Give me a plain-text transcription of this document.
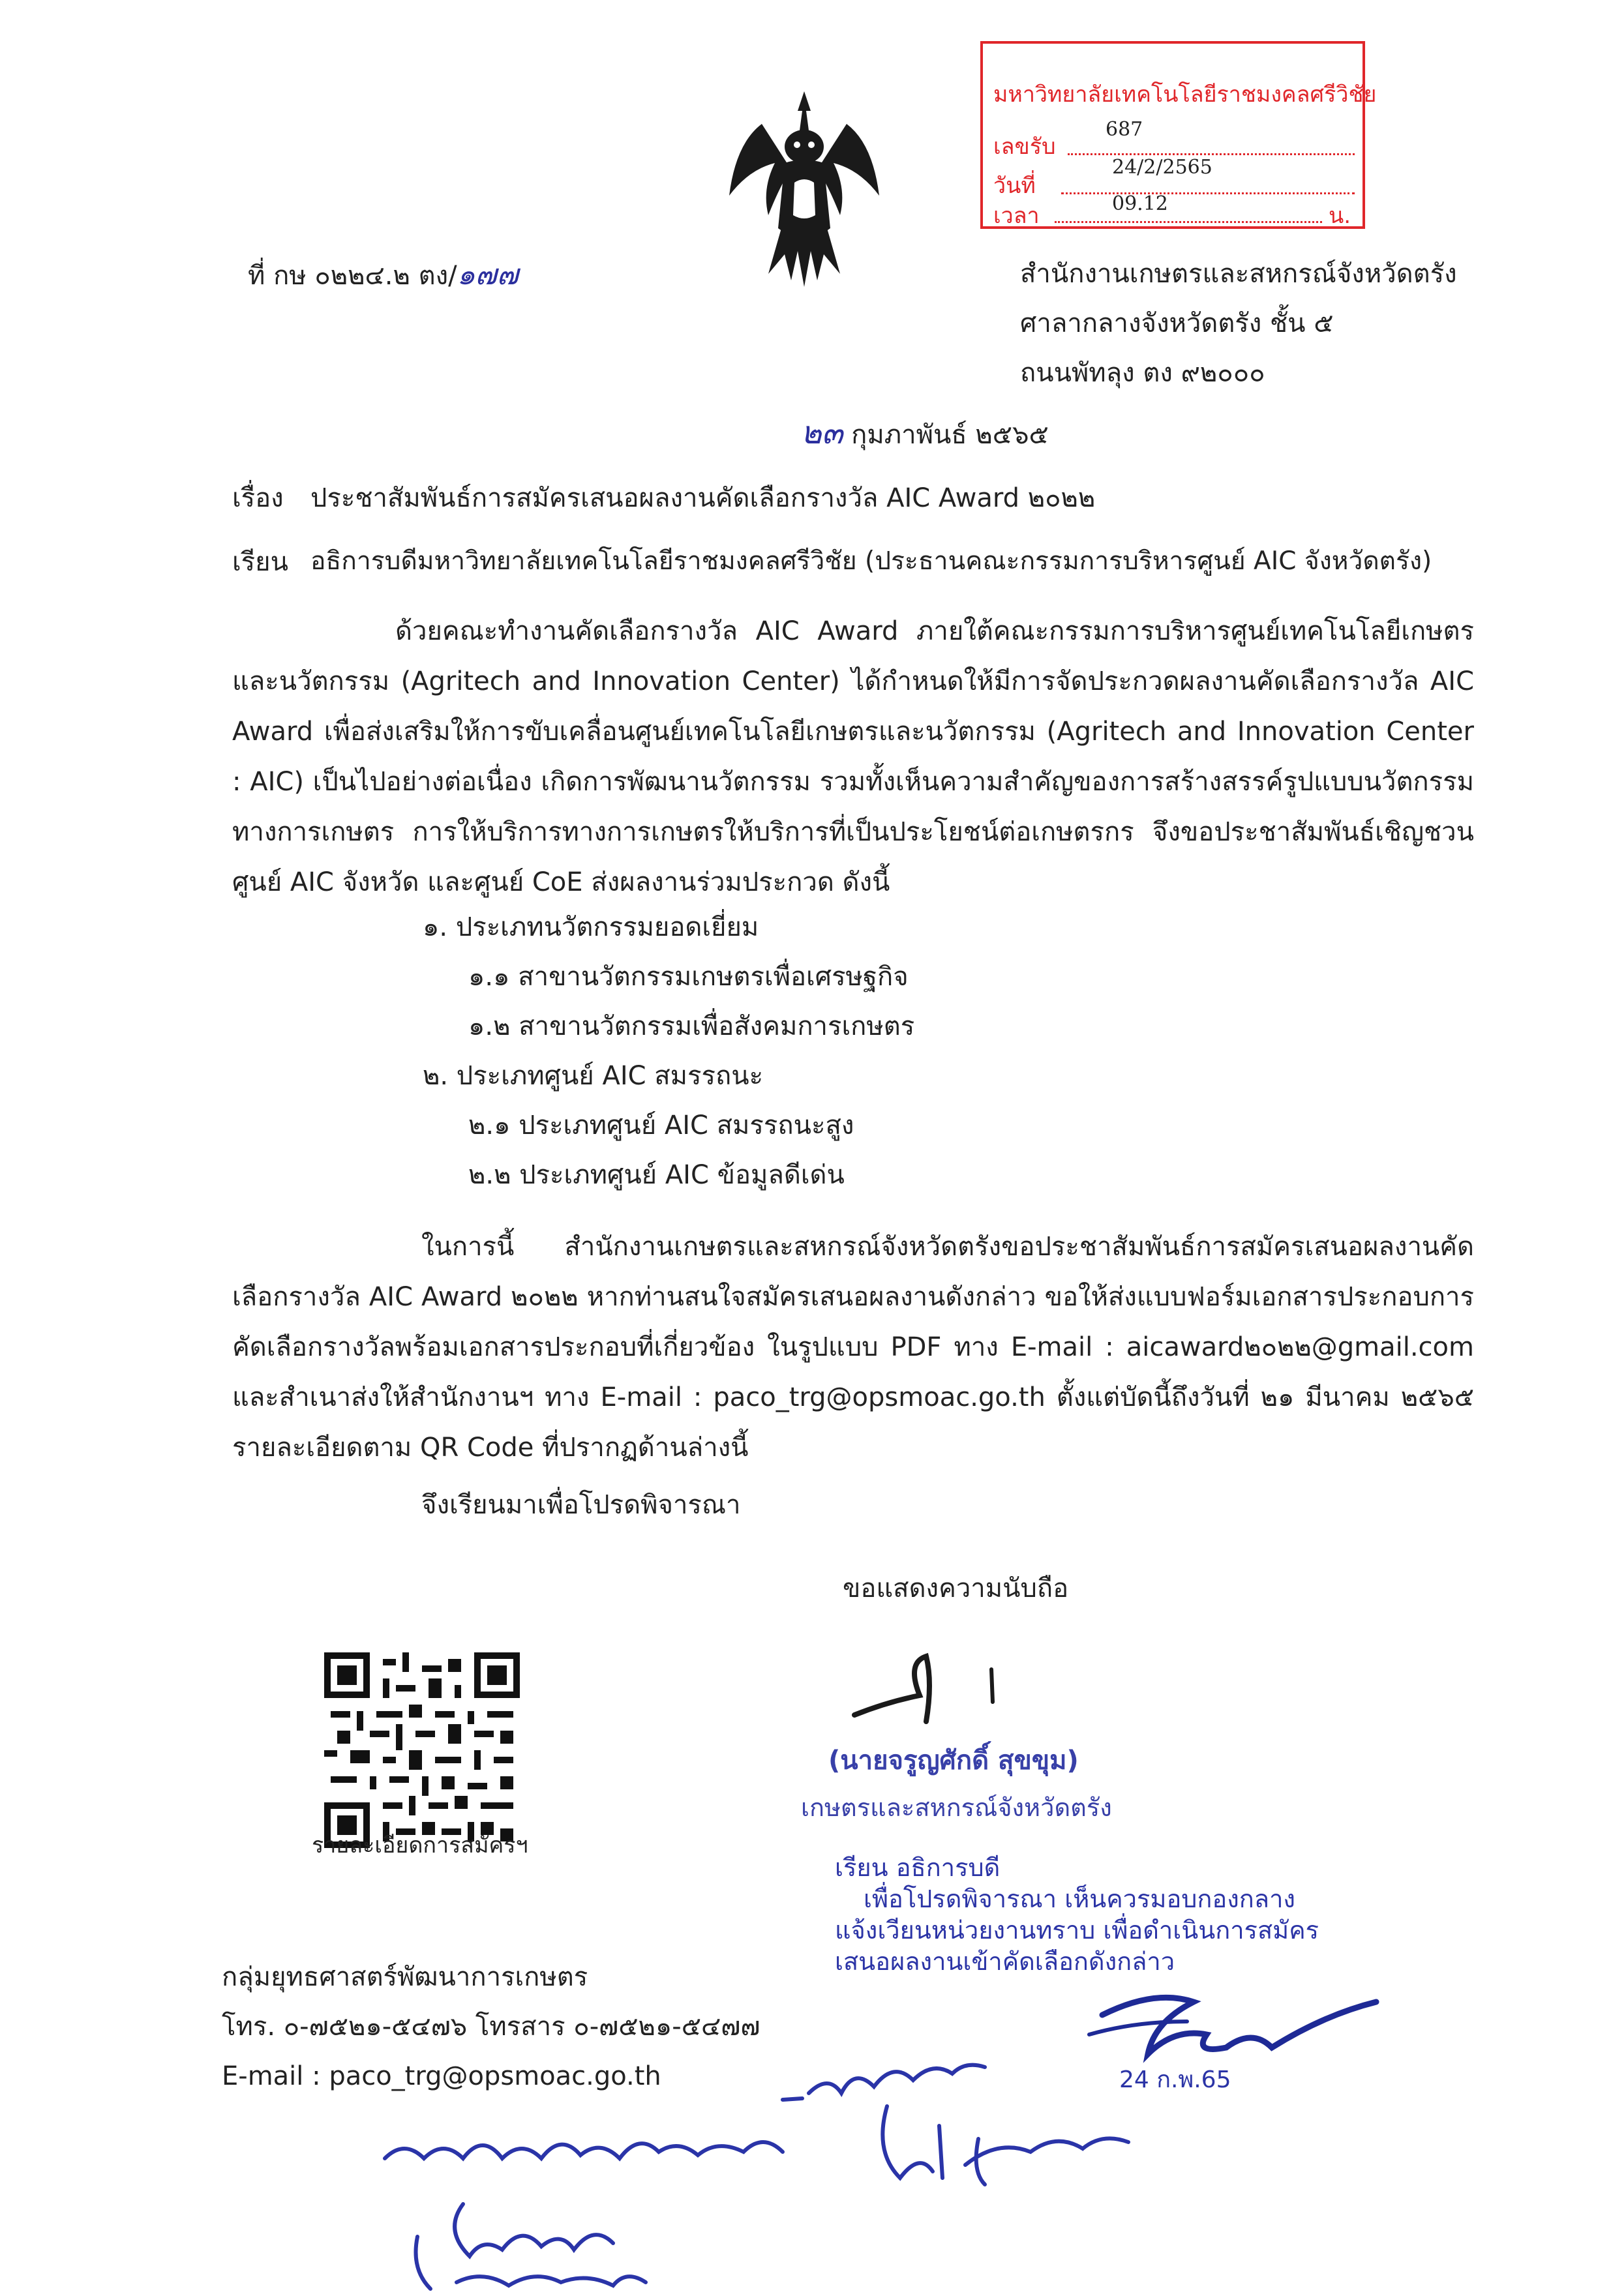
มหาวิทยาลัยเทคโนโลยีราชมงคลศรีวิชัย
เลขรับ
687
วันที่
24/2/2565
เวลา	09.12	น.
ที่ กษ ๐๒๒๔.๒ ตง/๑๗๗	สำนักงานเกษตรและสหกรณ์จังหวัดตรัง
ศาลากลางจังหวัดตรัง ชั้น ๕
ถนนพัทลุง ตง ๙๒๐๐๐
๒๓ กุมภาพันธ์ ๒๕๖๕
เรื่อง ประชาสัมพันธ์การสมัครเสนอผลงานคัดเลือกรางวัล AIC Award ๒๐๒๒
เรียน อธิการบดีมหาวิทยาลัยเทคโนโลยีราชมงคลศรีวิชัย (ประธานคณะกรรมการบริหารศูนย์ AIC จังหวัดตรัง)
ด้วยคณะทำงานคัดเลือกรางวัล AIC Award ภายใต้คณะกรรมการบริหารศูนย์เทคโนโลยีเกษตรและนวัตกรรม (Agritech and Innovation Center) ได้กำหนดให้มีการจัดประกวดผลงานคัดเลือกรางวัล AIC Award เพื่อส่งเสริมให้การขับเคลื่อนศูนย์เทคโนโลยีเกษตรและนวัตกรรม (Agritech and Innovation Center : AIC) เป็นไปอย่างต่อเนื่อง เกิดการพัฒนานวัตกรรม รวมทั้งเห็นความสำคัญของการสร้างสรรค์รูปแบบนวัตกรรมทางการเกษตร การให้บริการทางการเกษตรให้บริการที่เป็นประโยชน์ต่อเกษตรกร จึงขอประชาสัมพันธ์เชิญชวนศูนย์ AIC จังหวัด และศูนย์ CoE ส่งผลงานร่วมประกวด ดังนี้
๑. ประเภทนวัตกรรมยอดเยี่ยม
๑.๑ สาขานวัตกรรมเกษตรเพื่อเศรษฐกิจ
๑.๒ สาขานวัตกรรมเพื่อสังคมการเกษตร
๒. ประเภทศูนย์ AIC สมรรถนะ
๒.๑ ประเภทศูนย์ AIC สมรรถนะสูง
๒.๒ ประเภทศูนย์ AIC ข้อมูลดีเด่น
ในการนี้ สำนักงานเกษตรและสหกรณ์จังหวัดตรังขอประชาสัมพันธ์การสมัครเสนอผลงานคัดเลือกรางวัล AIC Award ๒๐๒๒ หากท่านสนใจสมัครเสนอผลงานดังกล่าว ขอให้ส่งแบบฟอร์มเอกสารประกอบการคัดเลือกรางวัลพร้อมเอกสารประกอบที่เกี่ยวข้อง ในรูปแบบ PDF ทาง E-mail : aicaward๒๐๒๒@gmail.com และสำเนาส่งให้สำนักงานฯ ทาง E-mail : paco_trg@opsmoac.go.th ตั้งแต่บัดนี้ถึงวันที่ ๒๑ มีนาคม ๒๕๖๕ รายละเอียดตาม QR Code ที่ปรากฏด้านล่างนี้
จึงเรียนมาเพื่อโปรดพิจารณา
ขอแสดงความนับถือ
(นายจรูญศักดิ์ สุขขุม)
เกษตรและสหกรณ์จังหวัดตรัง
รายละเอียดการสมัครฯ
เรียน อธิการบดี
เพื่อโปรดพิจารณา เห็นควรมอบกองกลาง
แจ้งเวียนหน่วยงานทราบ เพื่อดำเนินการสมัคร
เสนอผลงานเข้าคัดเลือกดังกล่าว
24 ก.พ.65
กลุ่มยุทธศาสตร์พัฒนาการเกษตร
โทร. ๐-๗๕๒๑-๕๔๗๖ โทรสาร ๐-๗๕๒๑-๕๔๗๗
E-mail : paco_trg@opsmoac.go.th
